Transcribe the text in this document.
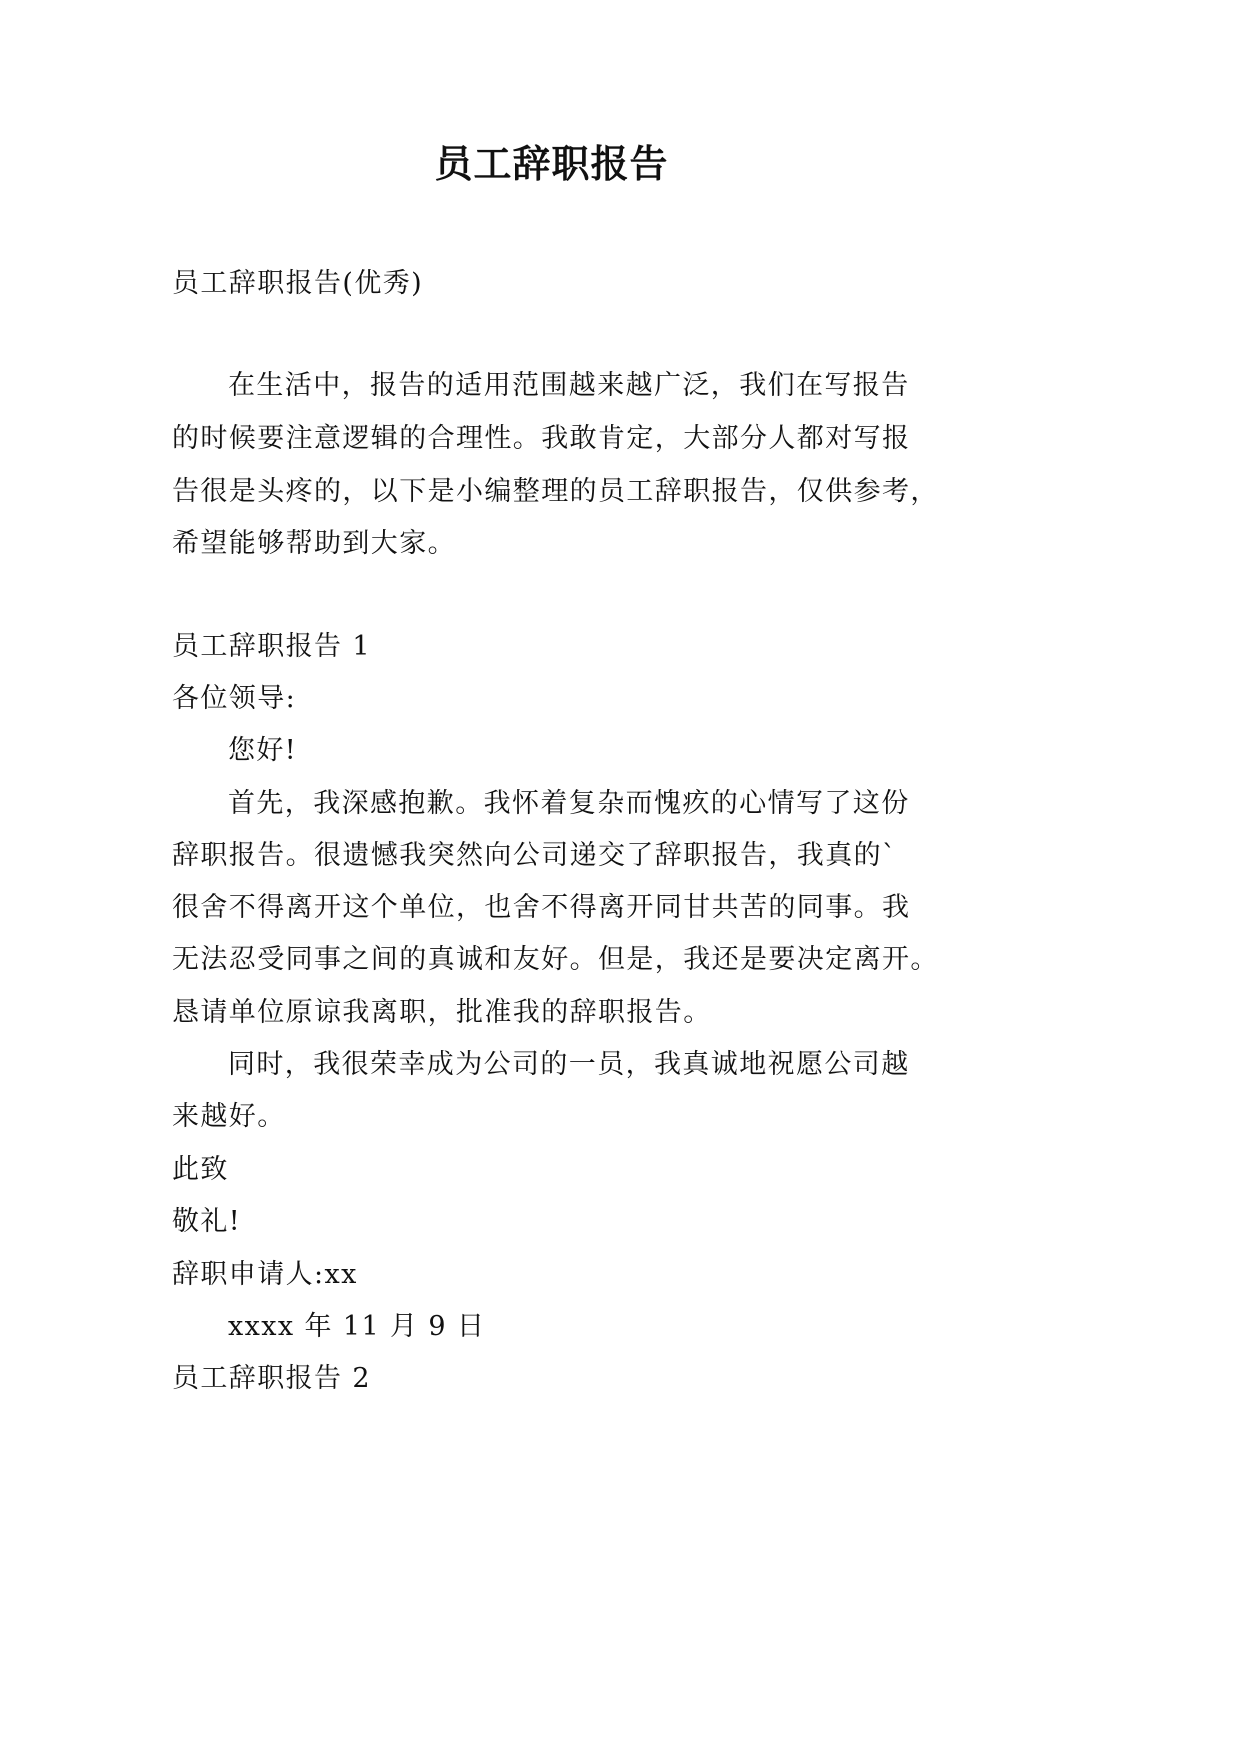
员工辞职报告
员工辞职报告(优秀)
在生活中，报告的适用范围越来越广泛，我们在写报告
的时候要注意逻辑的合理性。我敢肯定，大部分人都对写报
告很是头疼的，以下是小编整理的员工辞职报告，仅供参考，
希望能够帮助到大家。
员工辞职报告 1
各位领导:
您好!
首先，我深感抱歉。我怀着复杂而愧疚的心情写了这份
辞职报告。很遗憾我突然向公司递交了辞职报告，我真的`
很舍不得离开这个单位，也舍不得离开同甘共苦的同事。我
无法忍受同事之间的真诚和友好。但是，我还是要决定离开。
恳请单位原谅我离职，批准我的辞职报告。
同时，我很荣幸成为公司的一员，我真诚地祝愿公司越
来越好。
此致
敬礼!
辞职申请人:xx
xxxx 年 11 月 9 日
员工辞职报告 2
